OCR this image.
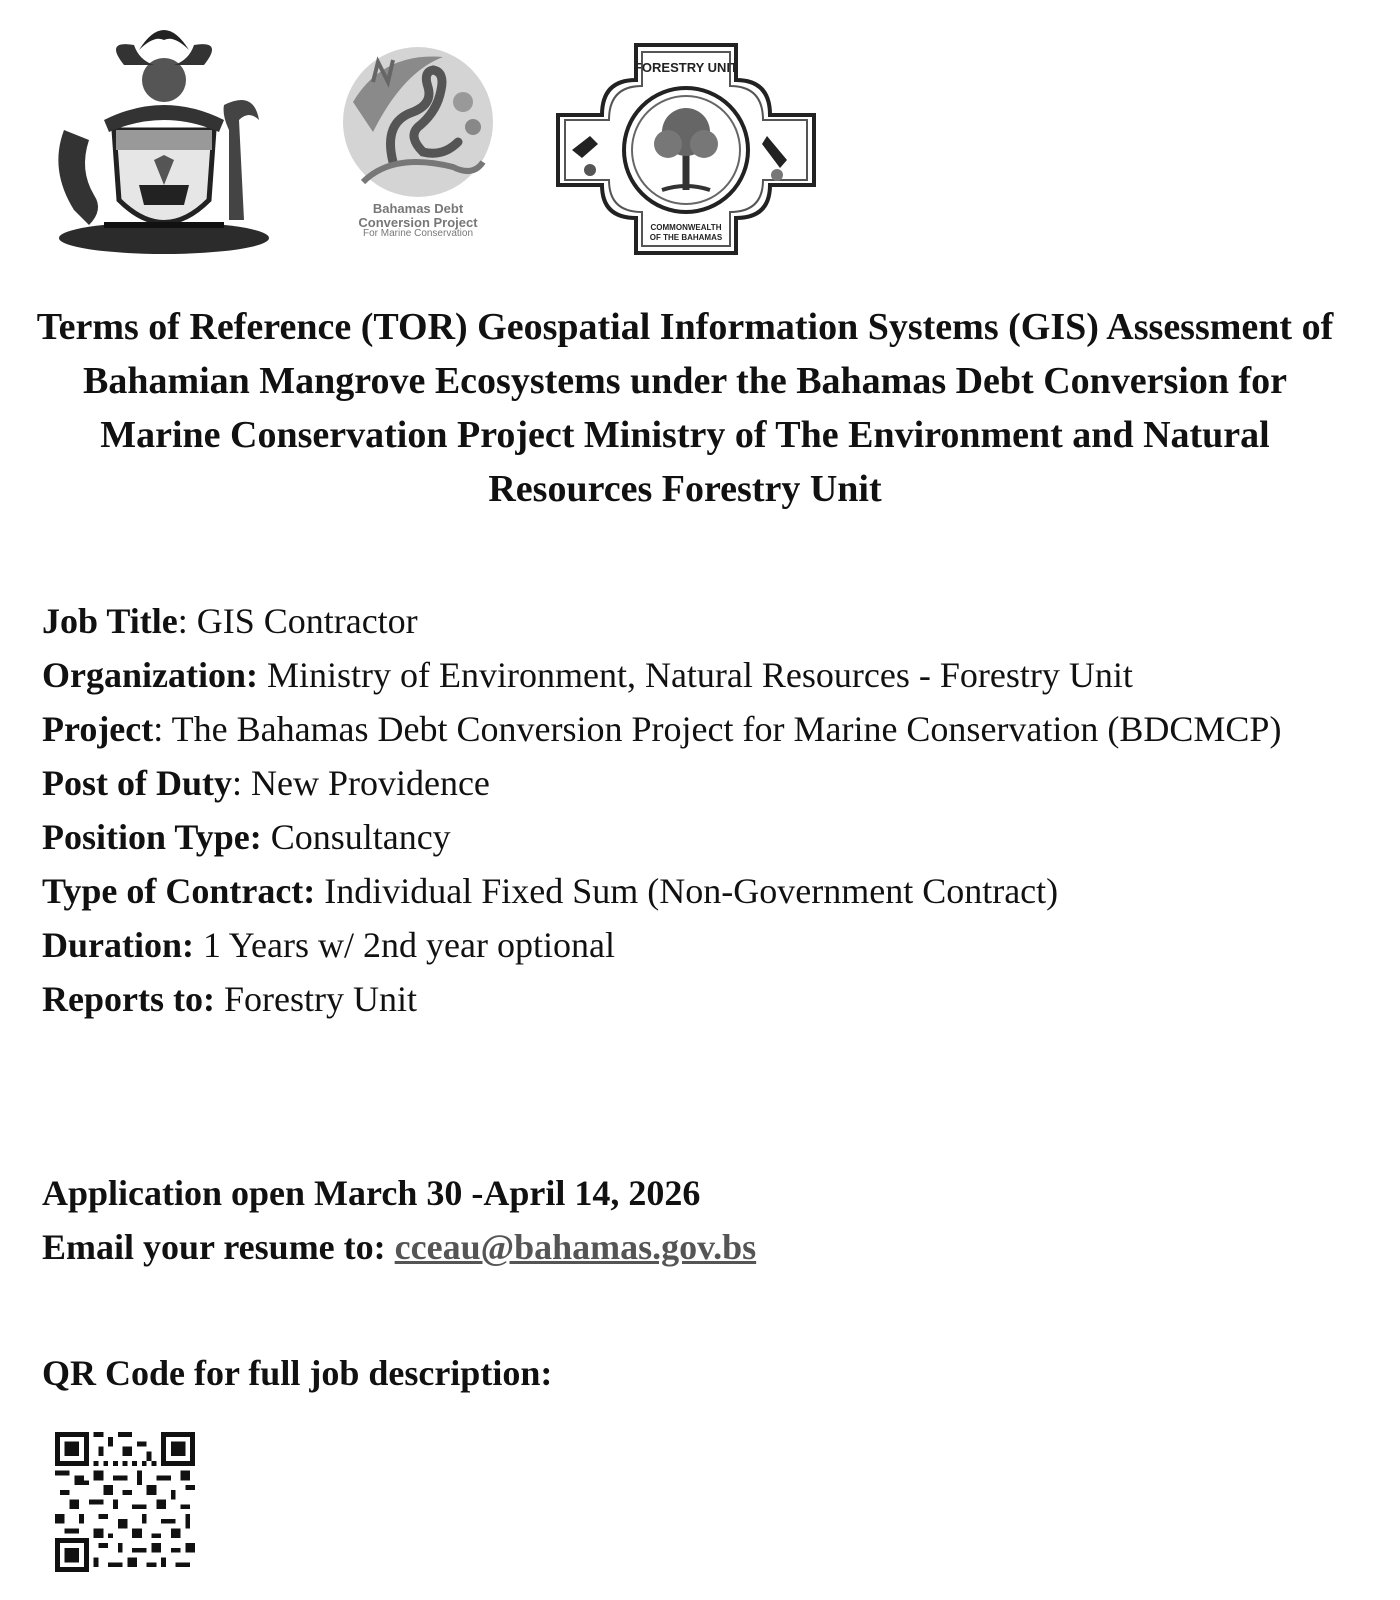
Bahamas Debt
Conversion Project
For Marine Conservation
FORESTRY UNIT
COMMONWEALTH
OF THE BAHAMAS
Terms of Reference (TOR) Geospatial Information Systems (GIS) Assessment of Bahamian Mangrove Ecosystems under the Bahamas Debt Conversion for Marine Conservation Project Ministry of The Environment and Natural Resources Forestry Unit

Job Title: GIS Contractor

Organization: Ministry of Environment, Natural Resources - Forestry Unit

Project: The Bahamas Debt Conversion Project for Marine Conservation (BDCMCP)

Post of Duty: New Providence

Position Type: Consultancy

Type of Contract: Individual Fixed Sum (Non-Government Contract)

Duration: 1 Years w/ 2nd year optional

Reports to: Forestry Unit

Application open March 30 -April 14, 2026

Email your resume to: cceau@bahamas.gov.bs

QR Code for full job description:
